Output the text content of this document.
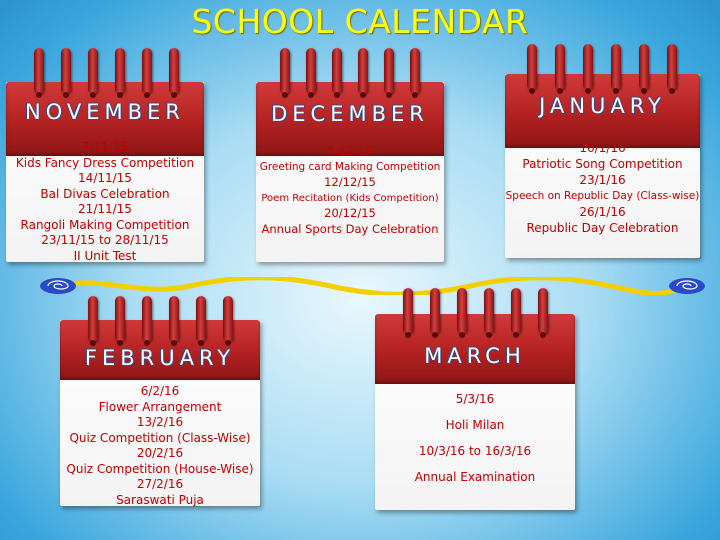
SCHOOL CALENDAR
NOVEMBER
7/11/15
Kids Fancy Dress Competition
14/11/15
Bal Divas Celebration
21/11/15
Rangoli Making Competition
23/11/15 to 28/11/15
II Unit Test
DECEMBER
5/12/15
Greeting card Making Competition
12/12/15
Poem Recitation (Kids Competition)
20/12/15
Annual Sports Day Celebration
JANUARY
16/1/16
Patriotic Song Competition
23/1/16
Speech on Republic Day (Class-wise)
26/1/16
Republic Day Celebration
FEBRUARY
6/2/16
Flower Arrangement
13/2/16
Quiz Competition (Class-Wise)
20/2/16
Quiz Competition (House-Wise)
27/2/16
Saraswati Puja
MARCH
5/3/16
Holi Milan
10/3/16 to 16/3/16
Annual Examination
